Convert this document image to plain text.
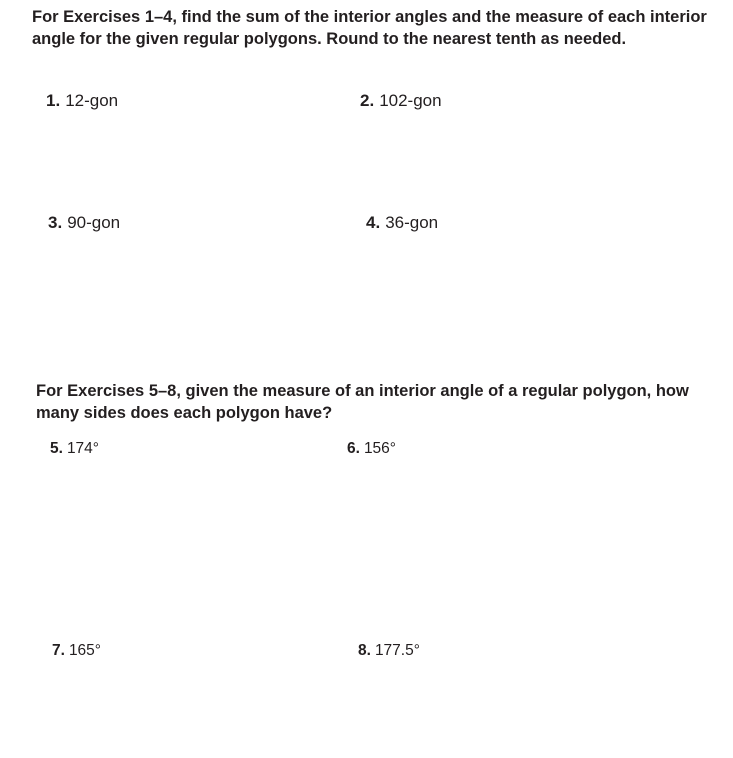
For Exercises 1–4, find the sum of the interior angles and the measure of each interior angle for the given regular polygons. Round to the nearest tenth as needed.

1. 12-gon	2. 102-gon
3. 90-gon	4. 36-gon

For Exercises 5–8, given the measure of an interior angle of a regular polygon, how many sides does each polygon have?

5. 174°	6. 156°
7. 165°	8. 177.5°
